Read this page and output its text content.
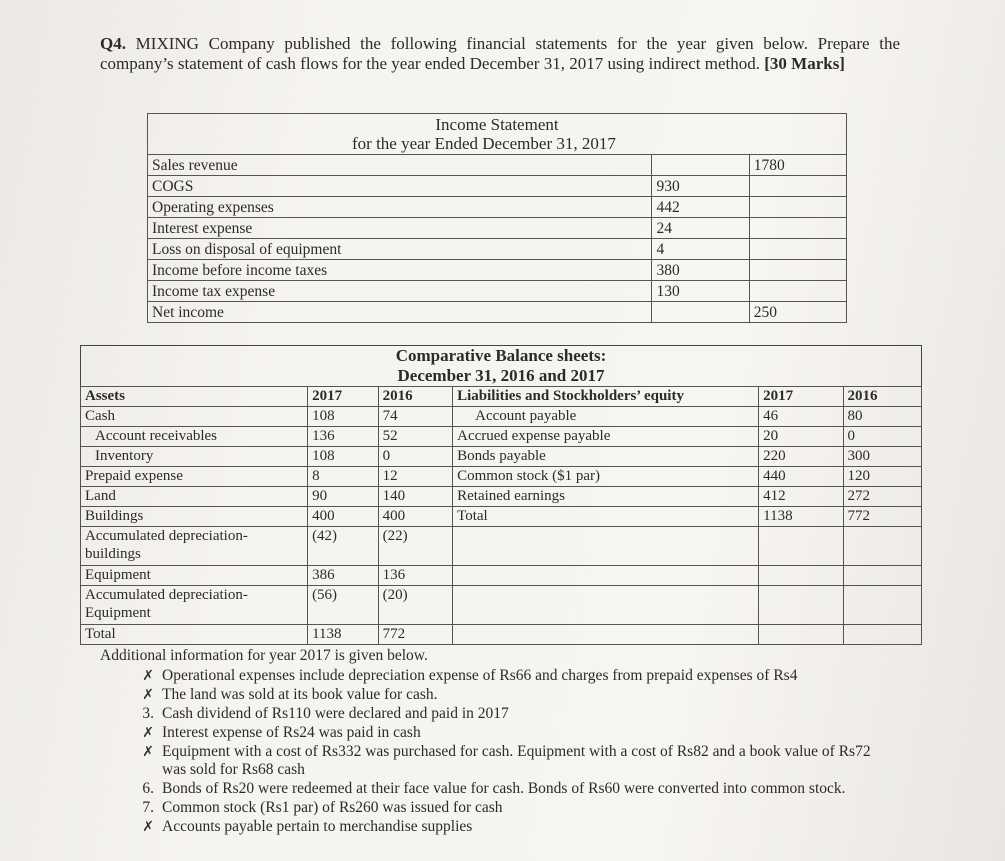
Q4. MIXING Company published the following financial statements for the year given below. Prepare the company’s statement of cash flows for the year ended December 31, 2017 using indirect method. [30 Marks]
Income Statement
for the year Ended December 31, 2017		

Sales revenue		1780
COGS	930	
Operating expenses	442	
Interest expense	24	
Loss on disposal of equipment	4	
Income before income taxes	380	
Income tax expense	130	
Net income		250
Comparative Balance sheets:
December 31, 2016 and 2017					

Assets	2017	2016	Liabilities and Stockholders’ equity	2017	2016
Cash	108	74	Account payable	46	80
Account receivables	136	52	Accrued expense payable	20	0
Inventory	108	0	Bonds payable	220	300
Prepaid expense	8	12	Common stock ($1 par)	440	120
Land	90	140	Retained earnings	412	272
Buildings	400	400	Total	1138	772
Accumulated depreciation-buildings	(42)	(22)			
Equipment	386	136			
Accumulated depreciation-Equipment	(56)	(20)			
Total	1138	772			
Additional information for year 2017 is given below.
✗ Operational expenses include depreciation expense of Rs66 and charges from prepaid expenses of Rs4
✗ The land was sold at its book value for cash.
3. Cash dividend of Rs110 were declared and paid in 2017
✗ Interest expense of Rs24 was paid in cash
✗ Equipment with a cost of Rs332 was purchased for cash. Equipment with a cost of Rs82 and a book value of Rs72 was sold for Rs68 cash
6. Bonds of Rs20 were redeemed at their face value for cash. Bonds of Rs60 were converted into common stock.
7. Common stock (Rs1 par) of Rs260 was issued for cash
✗ Accounts payable pertain to merchandise supplies
